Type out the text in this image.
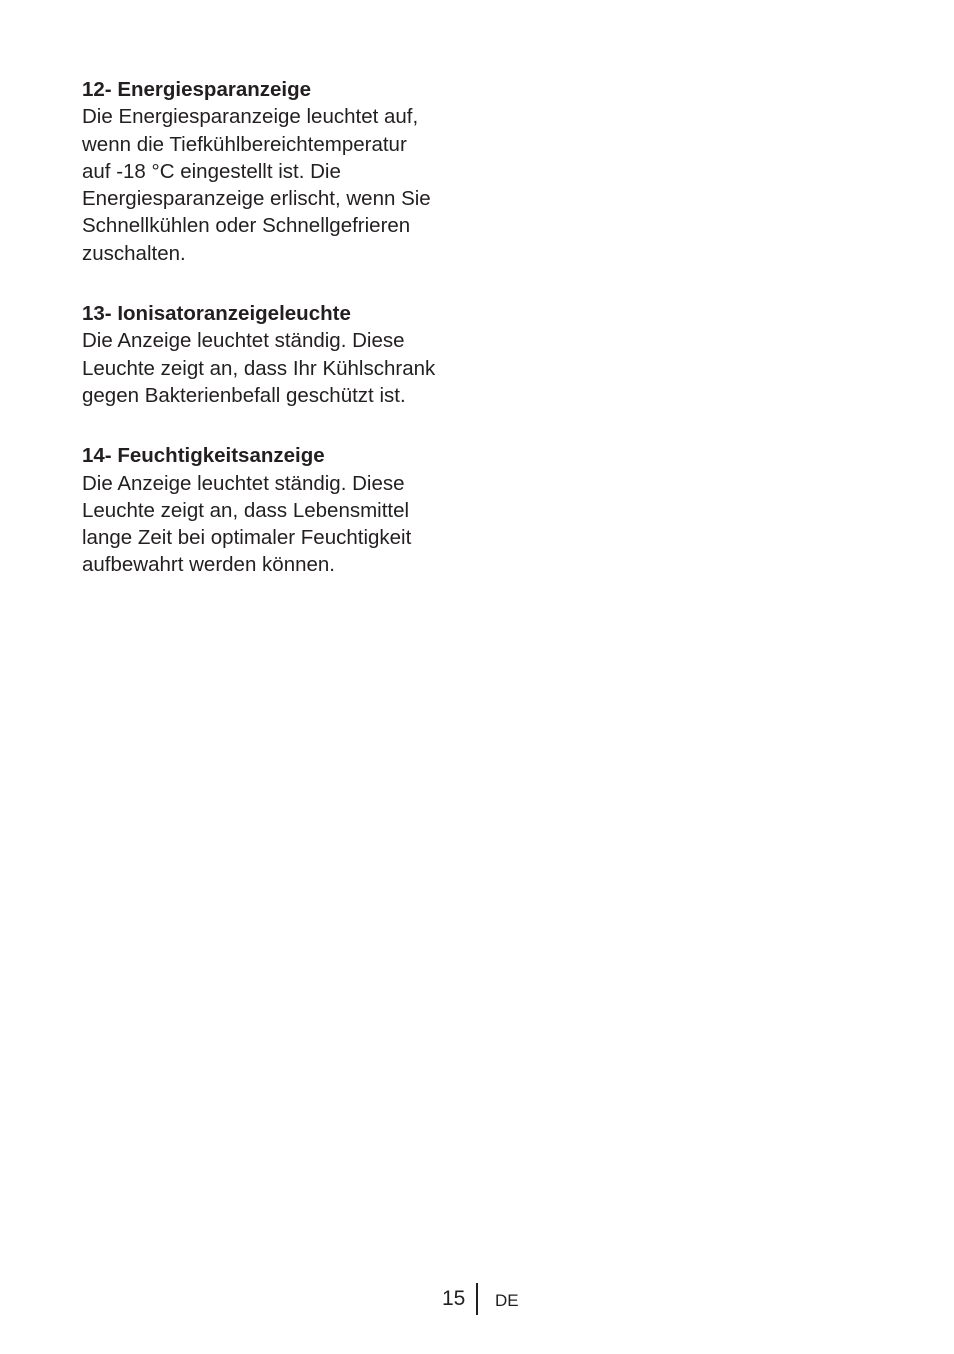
12- Energiesparanzeige
Die Energiesparanzeige leuchtet auf,
wenn die Tiefkühlbereichtemperatur
auf -18 °C eingestellt ist. Die
Energiesparanzeige erlischt, wenn Sie
Schnellkühlen oder Schnellgefrieren
zuschalten.
13- Ionisatoranzeigeleuchte
Die Anzeige leuchtet ständig. Diese
Leuchte zeigt an, dass Ihr Kühlschrank
gegen Bakterienbefall geschützt ist.
14- Feuchtigkeitsanzeige
Die Anzeige leuchtet ständig. Diese
Leuchte zeigt an, dass Lebensmittel
lange Zeit bei optimaler Feuchtigkeit
aufbewahrt werden können.
15 DE
